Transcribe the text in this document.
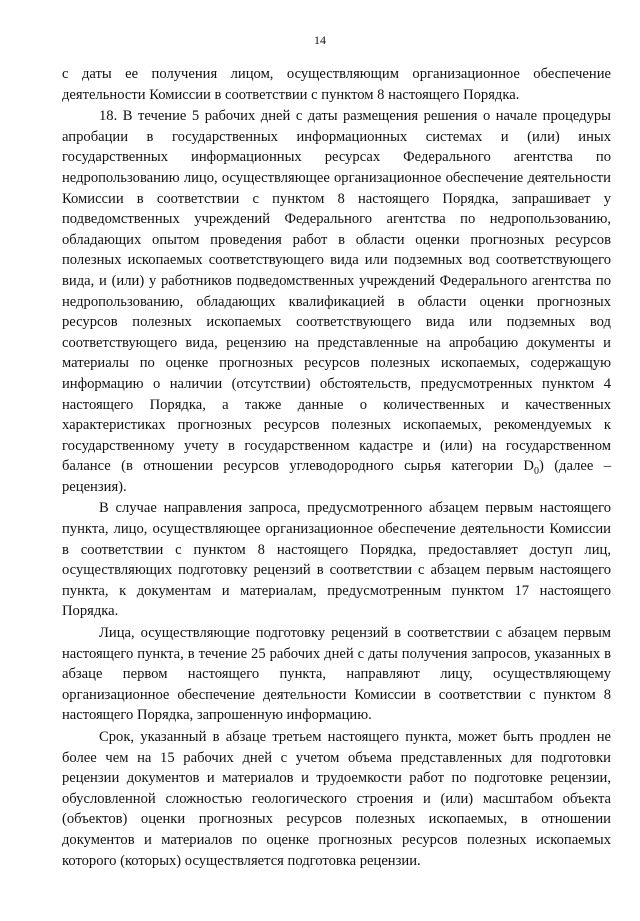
14

с даты ее получения лицом, осуществляющим организационное обеспечение деятельности Комиссии в соответствии с пунктом 8 настоящего Порядка.

18. В течение 5 рабочих дней с даты размещения решения о начале процедуры апробации в государственных информационных системах и (или) иных государственных информационных ресурсах Федерального агентства по недропользованию лицо, осуществляющее организационное обеспечение деятельности Комиссии в соответствии с пунктом 8 настоящего Порядка, запрашивает у подведомственных учреждений Федерального агентства по недропользованию, обладающих опытом проведения работ в области оценки прогнозных ресурсов полезных ископаемых соответствующего вида или подземных вод соответствующего вида, и (или) у работников подведомственных учреждений Федерального агентства по недропользованию, обладающих квалификацией в области оценки прогнозных ресурсов полезных ископаемых соответствующего вида или подземных вод соответствующего вида, рецензию на представленные на апробацию документы и материалы по оценке прогнозных ресурсов полезных ископаемых, содержащую информацию о наличии (отсутствии) обстоятельств, предусмотренных пунктом 4 настоящего Порядка, а также данные о количественных и качественных характеристиках прогнозных ресурсов полезных ископаемых, рекомендуемых к государственному учету в государственном кадастре и (или) на государственном балансе (в отношении ресурсов углеводородного сырья категории $D_0$) (далее – рецензия).

В случае направления запроса, предусмотренного абзацем первым настоящего пункта, лицо, осуществляющее организационное обеспечение деятельности Комиссии в соответствии с пунктом 8 настоящего Порядка, предоставляет доступ лиц, осуществляющих подготовку рецензий в соответствии с абзацем первым настоящего пункта, к документам и материалам, предусмотренным пунктом 17 настоящего Порядка.

Лица, осуществляющие подготовку рецензий в соответствии с абзацем первым настоящего пункта, в течение 25 рабочих дней с даты получения запросов, указанных в абзаце первом настоящего пункта, направляют лицу, осуществляющему организационное обеспечение деятельности Комиссии в соответствии с пунктом 8 настоящего Порядка, запрошенную информацию.

Срок, указанный в абзаце третьем настоящего пункта, может быть продлен не более чем на 15 рабочих дней с учетом объема представленных для подготовки рецензии документов и материалов и трудоемкости работ по подготовке рецензии, обусловленной сложностью геологического строения и (или) масштабом объекта (объектов) оценки прогнозных ресурсов полезных ископаемых, в отношении документов и материалов по оценке прогнозных ресурсов полезных ископаемых которого (которых) осуществляется подготовка рецензии.
